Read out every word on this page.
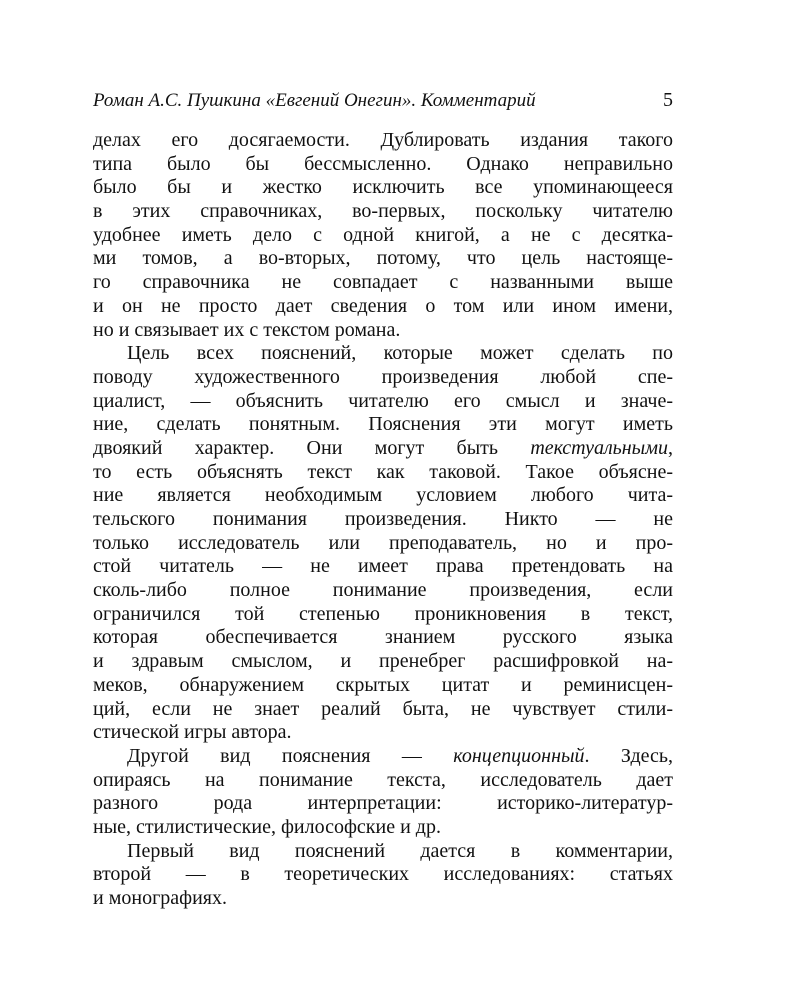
Роман А.С. Пушкина «Евгений Онегин». Комментарий	5
делах его досягаемости. Дублировать издания такого
типа было бы бессмысленно. Однако неправильно
было бы и жестко исключить все упоминающееся
в этих справочниках, во-первых, поскольку читателю
удобнее иметь дело с одной книгой, а не с десятка-
ми томов, а во-вторых, потому, что цель настояще-
го справочника не совпадает с названными выше
и он не просто дает сведения о том или ином имени,
но и связывает их с текстом романа.
Цель всех пояснений, которые может сделать по
поводу художественного произведения любой спе-
циалист, — объяснить читателю его смысл и значе-
ние, сделать понятным. Пояснения эти могут иметь
двоякий характер. Они могут быть текстуальными,
то есть объяснять текст как таковой. Такое объясне-
ние является необходимым условием любого чита-
тельского понимания произведения. Никто — не
только исследователь или преподаватель, но и про-
стой читатель — не имеет права претендовать на
сколь-либо полное понимание произведения, если
ограничился той степенью проникновения в текст,
которая обеспечивается знанием русского языка
и здравым смыслом, и пренебрег расшифровкой на-
меков, обнаружением скрытых цитат и реминисцен-
ций, если не знает реалий быта, не чувствует стили-
стической игры автора.
Другой вид пояснения — концепционный. Здесь,
опираясь на понимание текста, исследователь дает
разного рода интерпретации: историко-литератур-
ные, стилистические, философские и др.
Первый вид пояснений дается в комментарии,
второй — в теоретических исследованиях: статьях
и монографиях.
